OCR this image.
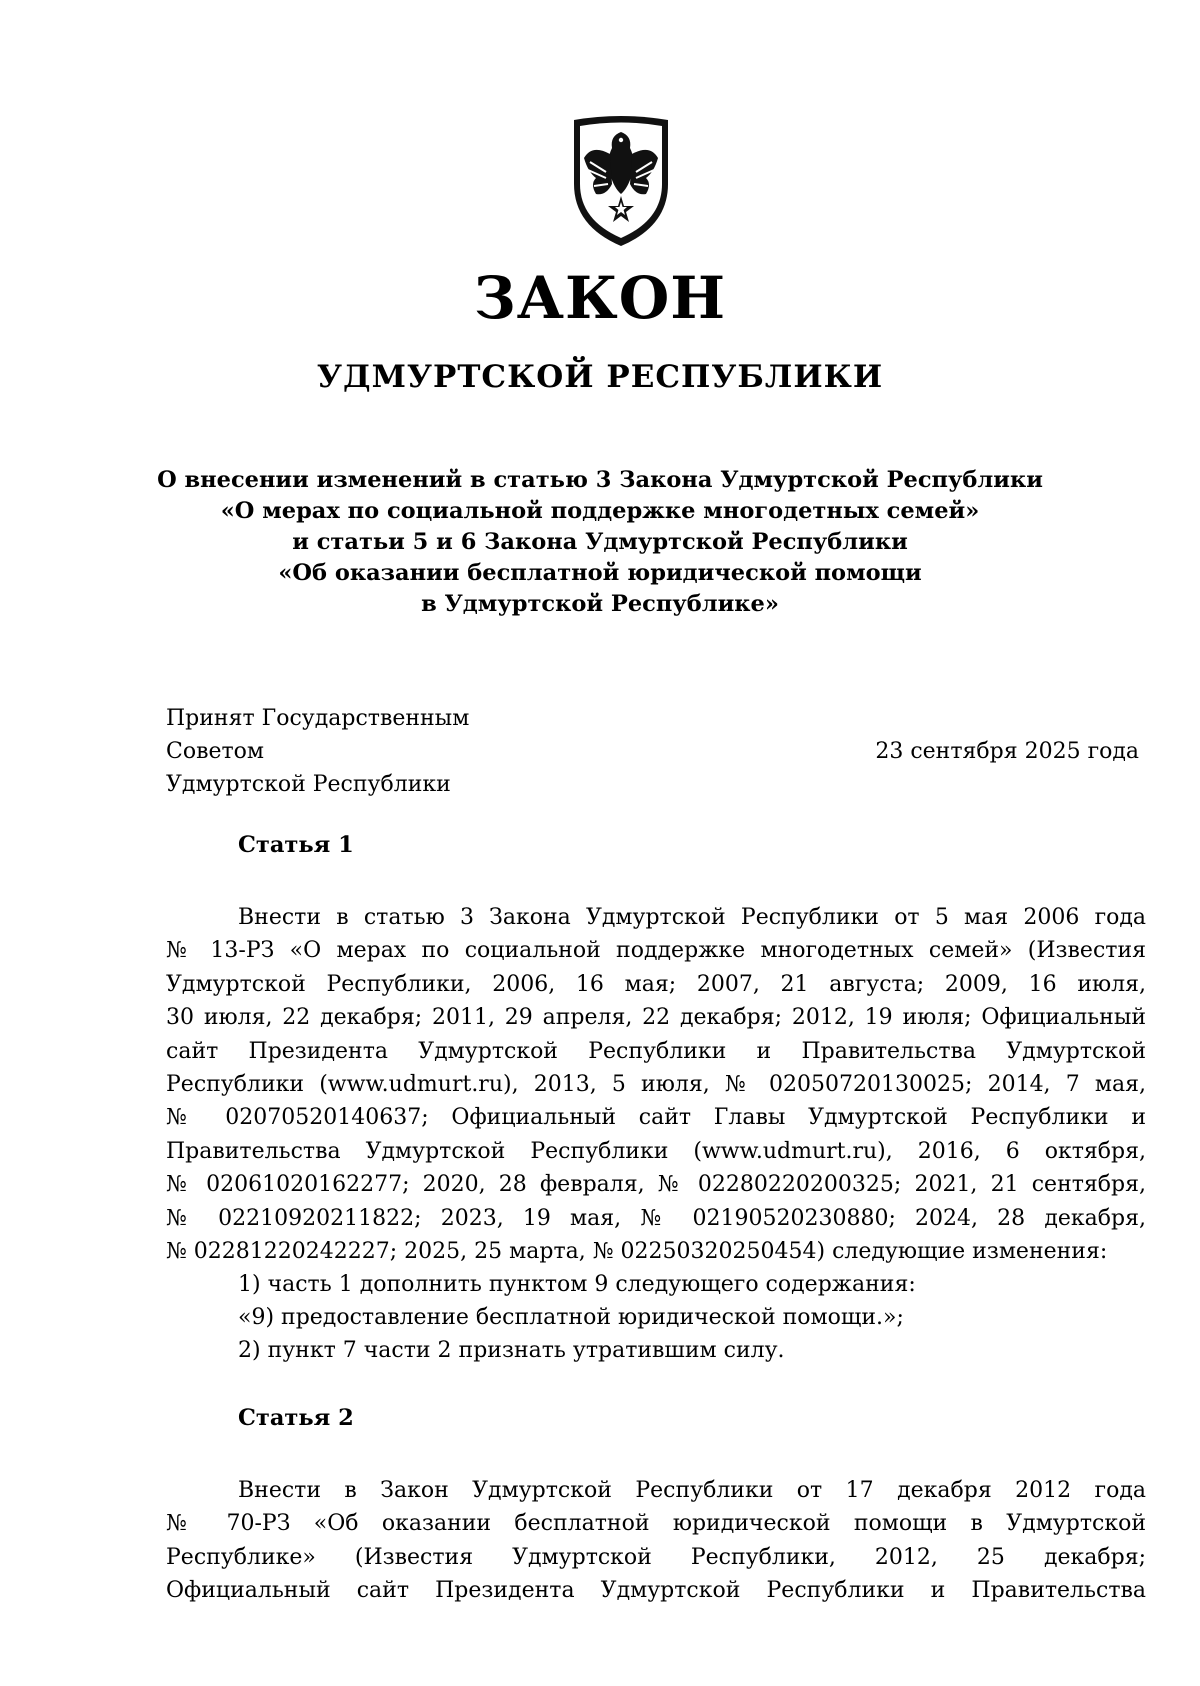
ЗАКОН
УДМУРТСКОЙ РЕСПУБЛИКИ
О внесении изменений в статью 3 Закона Удмуртской Республики
«О мерах по социальной поддержке многодетных семей»
и статьи 5 и 6 Закона Удмуртской Республики
«Об оказании бесплатной юридической помощи
в Удмуртской Республике»
Принят Государственным Советом
Удмуртской Республики
23 сентября 2025 года
Статья 1
Внести в статью 3 Закона Удмуртской Республики от 5 мая 2006 года
№ 13-РЗ «О мерах по социальной поддержке многодетных семей» (Известия
Удмуртской Республики, 2006, 16 мая; 2007, 21 августа; 2009, 16 июля,
30 июля, 22 декабря; 2011, 29 апреля, 22 декабря; 2012, 19 июля; Официальный
сайт Президента Удмуртской Республики и Правительства Удмуртской
Республики (www.udmurt.ru), 2013, 5 июля, № 02050720130025; 2014, 7 мая,
№ 02070520140637; Официальный сайт Главы Удмуртской Республики и
Правительства Удмуртской Республики (www.udmurt.ru), 2016, 6 октября,
№ 02061020162277; 2020, 28 февраля, № 02280220200325; 2021, 21 сентября,
№ 02210920211822; 2023, 19 мая, № 02190520230880; 2024, 28 декабря,
№ 02281220242227; 2025, 25 марта, № 02250320250454) следующие изменения:
1) часть 1 дополнить пунктом 9 следующего содержания:
«9) предоставление бесплатной юридической помощи.»;
2) пункт 7 части 2 признать утратившим силу.
Статья 2
Внести в Закон Удмуртской Республики от 17 декабря 2012 года
№ 70-РЗ «Об оказании бесплатной юридической помощи в Удмуртской
Республике» (Известия Удмуртской Республики, 2012, 25 декабря;
Официальный сайт Президента Удмуртской Республики и Правительства
